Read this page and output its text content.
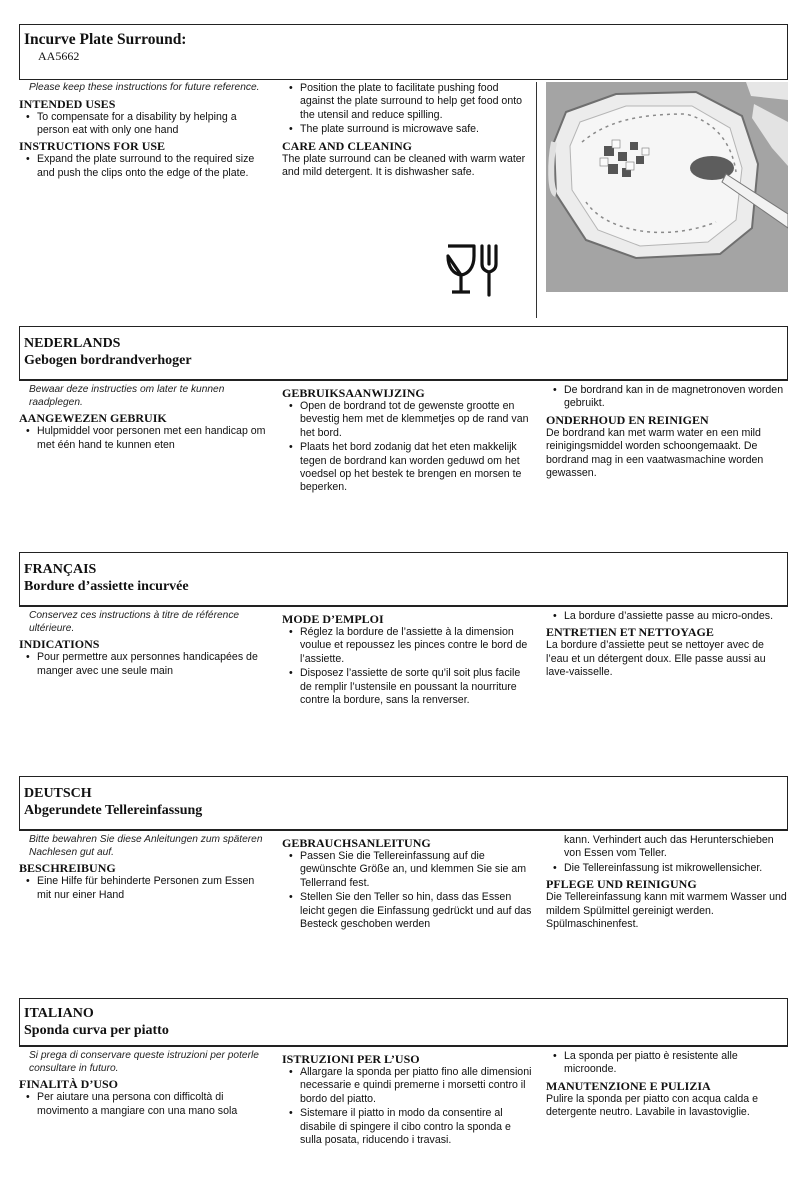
Incurve Plate Surround:
AA5662
Please keep these instructions for future reference.
INTENDED USES
• To compensate for a disability by helping a person eat with only one hand
INSTRUCTIONS FOR USE
• Expand the plate surround to the required size and push the clips onto the edge of the plate.
• Position the plate to facilitate pushing food against the plate surround to help get food onto the utensil and reduce spilling.
• The plate surround is microwave safe.
CARE AND CLEANING

The plate surround can be cleaned with warm water and mild detergent. It is dishwasher safe.

NEDERLANDS
Gebogen bordrandverhoger
Bewaar deze instructies om later te kunnen raadplegen.
AANGEWEZEN GEBRUIK
• Hulpmiddel voor personen met een handicap om met één hand te kunnen eten
GEBRUIKSAANWIJZING
• Open de bordrand tot de gewenste grootte en bevestig hem met de klemmetjes op de rand van het bord.
• Plaats het bord zodanig dat het eten makkelijk tegen de bordrand kan worden geduwd om het voedsel op het bestek te brengen en morsen te beperken.
• De bordrand kan in de magnetronoven worden gebruikt.
ONDERHOUD EN REINIGEN

De bordrand kan met warm water en een mild reinigingsmiddel worden schoongemaakt. De bordrand mag in een vaatwasmachine worden gewassen.

FRANÇAIS
Bordure d’assiette incurvée
Conservez ces instructions à titre de référence ultérieure.
INDICATIONS
• Pour permettre aux personnes handicapées de manger avec une seule main
MODE D’EMPLOI
• Réglez la bordure de l’assiette à la dimension voulue et repoussez les pinces contre le bord de l’assiette.
• Disposez l’assiette de sorte qu’il soit plus facile de remplir l’ustensile en poussant la nourriture contre la bordure, sans la renverser.
• La bordure d’assiette passe au micro-ondes.
ENTRETIEN ET NETTOYAGE

La bordure d’assiette peut se nettoyer avec de l’eau et un détergent doux. Elle passe aussi au lave-vaisselle.

DEUTSCH
Abgerundete Tellereinfassung
Bitte bewahren Sie diese Anleitungen zum späteren Nachlesen gut auf.
BESCHREIBUNG
• Eine Hilfe für behinderte Personen zum Essen mit nur einer Hand
GEBRAUCHSANLEITUNG
• Passen Sie die Tellereinfassung auf die gewünschte Größe an, und klemmen Sie sie am Tellerrand fest.
• Stellen Sie den Teller so hin, dass das Essen leicht gegen die Einfassung gedrückt und auf das Besteck geschoben werden
kann. Verhindert auch das Herunterschieben von Essen vom Teller.
• Die Tellereinfassung ist mikrowellensicher.
PFLEGE UND REINIGUNG

Die Tellereinfassung kann mit warmem Wasser und mildem Spülmittel gereinigt werden. Spülmaschinenfest.

ITALIANO
Sponda curva per piatto
Si prega di conservare queste istruzioni per poterle consultare in futuro.
FINALITÀ D’USO
• Per aiutare una persona con difficoltà di movimento a mangiare con una mano sola
ISTRUZIONI PER L’USO
• Allargare la sponda per piatto fino alle dimensioni necessarie e quindi premerne i morsetti contro il bordo del piatto.
• Sistemare il piatto in modo da consentire al disabile di spingere il cibo contro la sponda e sulla posata, riducendo i travasi.
• La sponda per piatto è resistente alle microonde.
MANUTENZIONE E PULIZIA

Pulire la sponda per piatto con acqua calda e detergente neutro. Lavabile in lavastoviglie.
